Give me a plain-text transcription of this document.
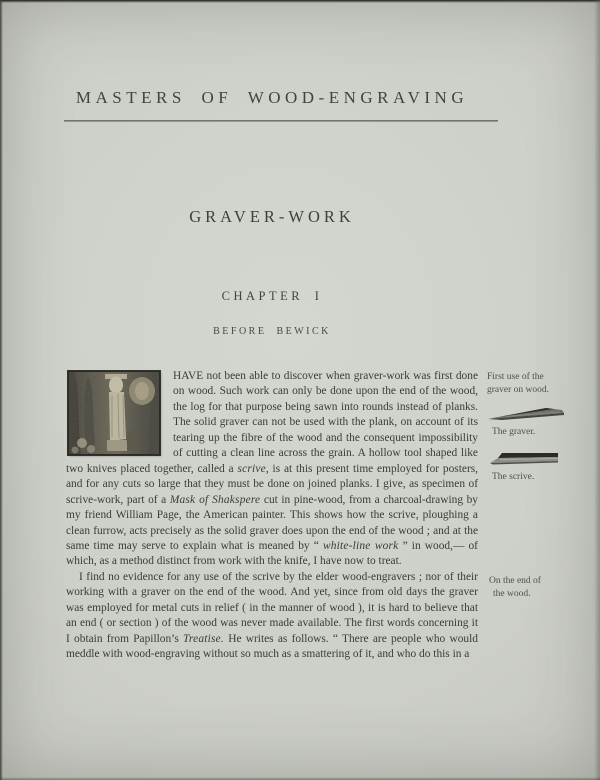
MASTERS OF WOOD-ENGRAVING
GRAVER-WORK
CHAPTER I
BEFORE BEWICK

HAVE not been able to discover when graver-work was first done on wood. Such work can only be done upon the end of the wood, the log for that purpose being sawn into rounds instead of planks. The solid graver can not be used with the plank, on account of its tearing up the fibre of the wood and the consequent impossibility of cutting a clean line across the grain. A hollow tool shaped like two knives placed together, called a scrive, is at this present time employed for posters, and for any cuts so large that they must be done on joined planks. I give, as specimen of scrive-work, part of a Mask of Shakspere cut in pine-wood, from a charcoal-drawing by my friend William Page, the American painter. This shows how the scrive, ploughing a clean furrow, acts precisely as the solid graver does upon the end of the wood ; and at the same time may serve to explain what is meaned by “ white-line work ” in wood,— of which, as a method distinct from work with the knife, I have now to treat.

I find no evidence for any use of the scrive by the elder wood-engravers ; nor of their working with a graver on the end of the wood. And yet, since from old days the graver was employed for metal cuts in relief ( in the manner of wood ), it is hard to believe that an end ( or section ) of the wood was never made available. The first words concerning it I obtain from Papillon’s Treatise. He writes as follows. “ There are people who would meddle with wood-engraving without so much as a smattering of it, and who do this in a

First use of the
graver on wood.
The graver.
The scrive.
On the end of
the wood.
